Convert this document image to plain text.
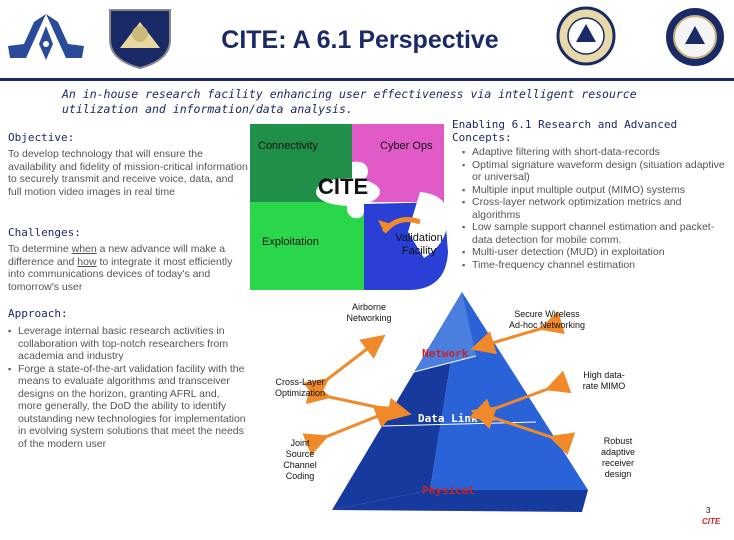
CITE: A 6.1 Perspective
An in-house research facility enhancing user effectiveness via intelligent resource utilization and information/data analysis.
Objective:
To develop technology that will ensure the availability and fidelity of mission-critical information to securely transmit and receive voice, data, and full motion video images in real time
Challenges:
To determine when a new advance will make a difference and how to integrate it most efficiently into communications devices of today's and tomorrow's user
Approach:
▪ Leverage internal basic research activities in collaboration with top-notch researchers from academia and industry
▪ Forge a state-of-the-art validation facility with the means to evaluate algorithms and transceiver designs on the horizon, granting AFRL and, more generally, the DoD the ability to identify outstanding new technologies for implementation in evolving system solutions that meet the needs of the modern user
Connectivity	Cyber Ops
CITE
Exploitation	Validation Facility
Enabling 6.1 Research and Advanced Concepts:
▪ Adaptive filtering with short-data-records
▪ Optimal signature waveform design (situation adaptive or universal)
▪ Multiple input multiple output (MIMO) systems
▪ Cross-layer network optimization metrics and algorithms
▪ Low sample support channel estimation and packet-data detection for mobile comm.
▪ Multi-user detection (MUD) in exploitation
▪ Time-frequency channel estimation
Network
Data Link
Physical
Airborne Networking
Cross-Layer Optimization
Joint Source Channel Coding
Secure Wireless Ad-hoc Networking
High data-rate MIMO
Robust adaptive receiver design
3
CITE
